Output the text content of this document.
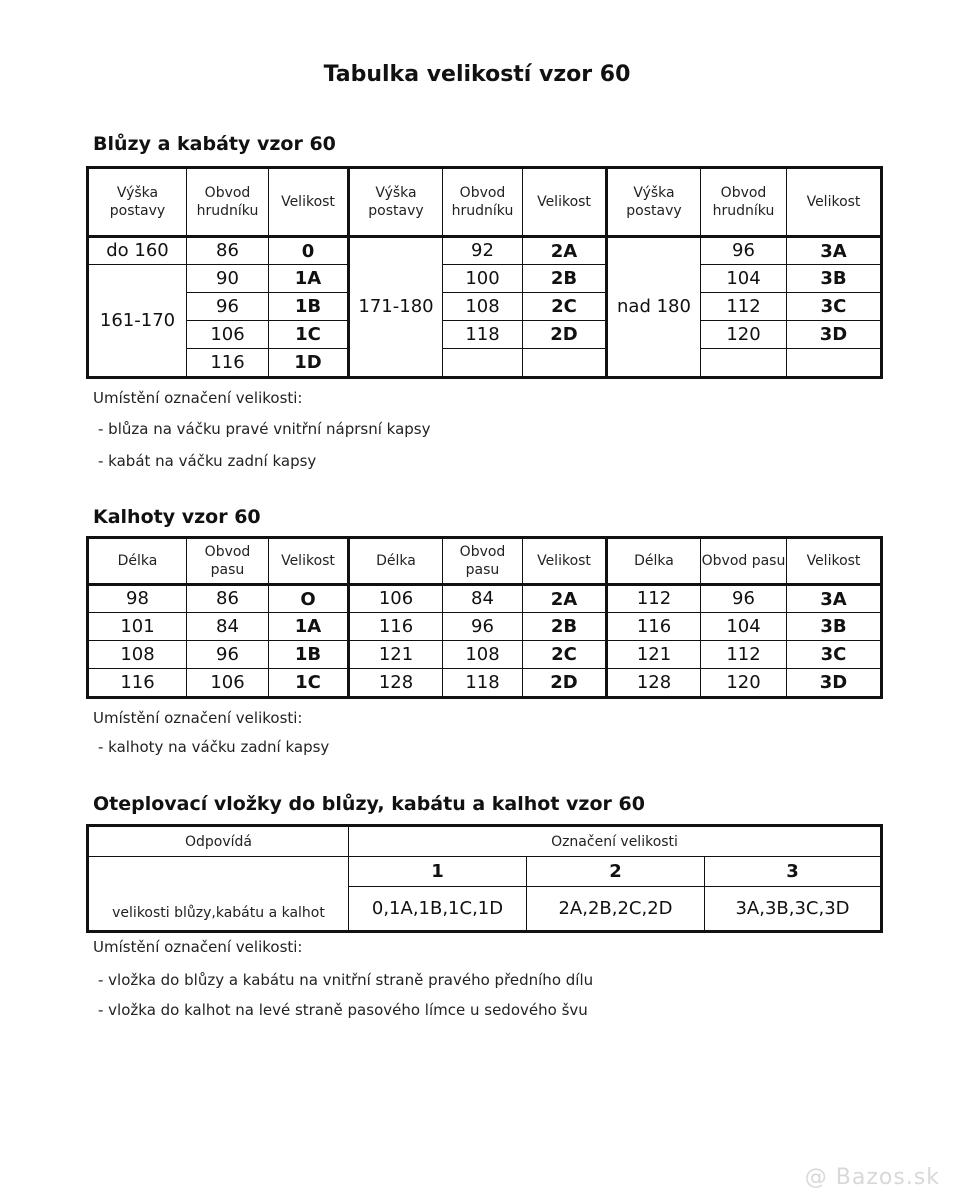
Tabulka velikostí vzor 60
Blůzy a kabáty vzor 60
Výška postavy	Obvod hrudníku	Velikost	Výška postavy	Obvod hrudníku	Velikost	Výška postavy	Obvod hrudníku	Velikost
do 160	86	0	171-180	92	2A	nad 180	96	3A
161-170	90	1A		100	2B		104	3B
	96	1B		108	2C		112	3C
	106	1C		118	2D		120	3D
	116	1D						
Umístění označení velikosti:
- blůza na váčku pravé vnitřní náprsní kapsy
- kabát na váčku zadní kapsy
Kalhoty vzor 60
Délka	Obvod pasu	Velikost	Délka	Obvod pasu	Velikost	Délka	Obvod pasu	Velikost
98	86	O	106	84	2A	112	96	3A
101	84	1A	116	96	2B	116	104	3B
108	96	1B	121	108	2C	121	112	3C
116	106	1C	128	118	2D	128	120	3D
Umístění označení velikosti:
- kalhoty na váčku zadní kapsy
Oteplovací vložky do blůzy, kabátu a kalhot vzor 60
Odpovídá	Označení velikosti		
velikosti blůzy,kabátu a kalhot	1	2	3
	0,1A,1B,1C,1D	2A,2B,2C,2D	3A,3B,3C,3D
Umístění označení velikosti:
- vložka do blůzy a kabátu na vnitřní straně pravého předního dílu
- vložka do kalhot na levé straně pasového límce u sedového švu
@ Bazos.sk
